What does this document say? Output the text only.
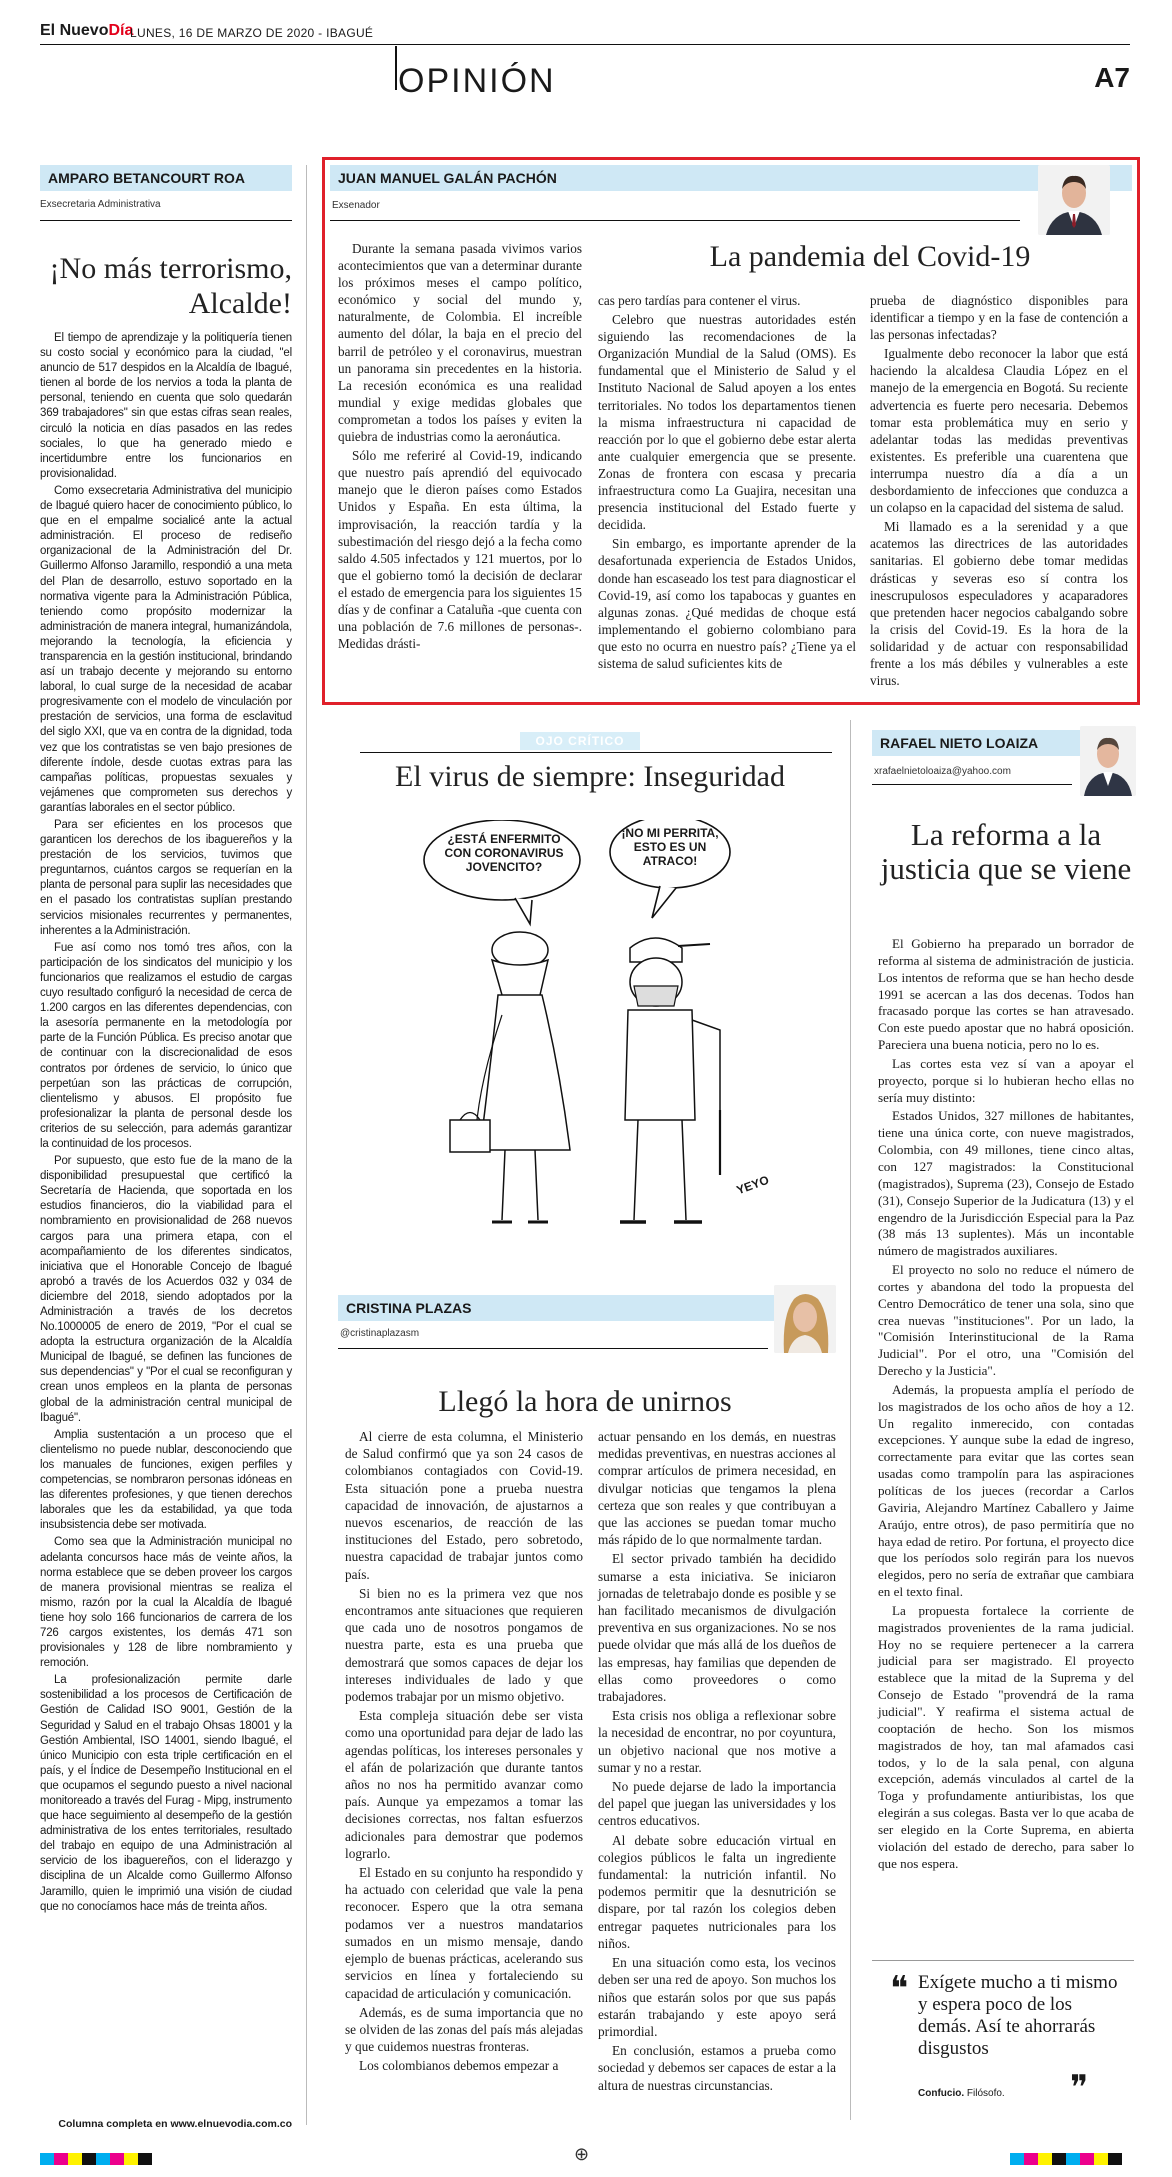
El NuevoDía
LUNES, 16 DE MARZO DE 2020 - IBAGUÉ
OPINIÓN	A7
AMPARO BETANCOURT ROA
Exsecretaria Administrativa
¡No más terrorismo, Alcalde!

El tiempo de aprendizaje y la politiquería tienen su costo social y económico para la ciudad, "el anuncio de 517 despidos en la Alcaldía de Ibagué, tienen al borde de los nervios a toda la planta de personal, teniendo en cuenta que solo quedarán 369 trabajadores" sin que estas cifras sean reales, circuló la noticia en días pasados en las redes sociales, lo que ha generado miedo e incertidumbre entre los funcionarios en provisionalidad.

Como exsecretaria Administrativa del municipio de Ibagué quiero hacer de conocimiento público, lo que en el empalme socialicé ante la actual administración. El proceso de rediseño organizacional de la Administración del Dr. Guillermo Alfonso Jaramillo, respondió a una meta del Plan de desarrollo, estuvo soportado en la normativa vigente para la Administración Pública, teniendo como propósito modernizar la administración de manera integral, humanizándola, mejorando la tecnología, la eficiencia y transparencia en la gestión institucional, brindando así un trabajo decente y mejorando su entorno laboral, lo cual surge de la necesidad de acabar progresivamente con el modelo de vinculación por prestación de servicios, una forma de esclavitud del siglo XXI, que va en contra de la dignidad, toda vez que los contratistas se ven bajo presiones de diferente índole, desde cuotas extras para las campañas políticas, propuestas sexuales y vejámenes que comprometen sus derechos y garantías laborales en el sector público.

Para ser eficientes en los procesos que garanticen los derechos de los ibaguereños y la prestación de los servicios, tuvimos que preguntarnos, cuántos cargos se requerían en la planta de personal para suplir las necesidades que en el pasado los contratistas suplían prestando servicios misionales recurrentes y permanentes, inherentes a la Administración.

Fue así como nos tomó tres años, con la participación de los sindicatos del municipio y los funcionarios que realizamos el estudio de cargas cuyo resultado configuró la necesidad de cerca de 1.200 cargos en las diferentes dependencias, con la asesoría permanente en la metodología por parte de la Función Pública. Es preciso anotar que de continuar con la discrecionalidad de esos contratos por órdenes de servicio, lo único que perpetúan son las prácticas de corrupción, clientelismo y abusos. El propósito fue profesionalizar la planta de personal desde los criterios de su selección, para además garantizar la continuidad de los procesos.

Por supuesto, que esto fue de la mano de la disponibilidad presupuestal que certificó la Secretaría de Hacienda, que soportada en los estudios financieros, dio la viabilidad para el nombramiento en provisionalidad de 268 nuevos cargos para una primera etapa, con el acompañamiento de los diferentes sindicatos, iniciativa que el Honorable Concejo de Ibagué aprobó a través de los Acuerdos 032 y 034 de diciembre del 2018, siendo adoptados por la Administración a través de los decretos No.1000005 de enero de 2019, "Por el cual se adopta la estructura organización de la Alcaldía Municipal de Ibagué, se definen las funciones de sus dependencias" y "Por el cual se reconfiguran y crean unos empleos en la planta de personas global de la administración central municipal de Ibagué".

Amplia sustentación a un proceso que el clientelismo no puede nublar, desconociendo que los manuales de funciones, exigen perfiles y competencias, se nombraron personas idóneas en las diferentes profesiones, y que tienen derechos laborales que les da estabilidad, ya que toda insubsistencia debe ser motivada.

Como sea que la Administración municipal no adelanta concursos hace más de veinte años, la norma establece que se deben proveer los cargos de manera provisional mientras se realiza el mismo, razón por la cual la Alcaldía de Ibagué tiene hoy solo 166 funcionarios de carrera de los 726 cargos existentes, los demás 471 son provisionales y 128 de libre nombramiento y remoción.

La profesionalización permite darle sostenibilidad a los procesos de Certificación de Gestión de Calidad ISO 9001, Gestión de la Seguridad y Salud en el trabajo Ohsas 18001 y la Gestión Ambiental, ISO 14001, siendo Ibagué, el único Municipio con esta triple certificación en el país, y el Índice de Desempeño Institucional en el que ocupamos el segundo puesto a nivel nacional monitoreado a través del Furag - Mipg, instrumento que hace seguimiento al desempeño de la gestión administrativa de los entes territoriales, resultado del trabajo en equipo de una Administración al servicio de los ibaguereños, con el liderazgo y disciplina de un Alcalde como Guillermo Alfonso Jaramillo, quien le imprimió una visión de ciudad que no conocíamos hace más de treinta años.

Columna completa en www.elnuevodia.com.co
JUAN MANUEL GALÁN PACHÓN
Exsenador
La pandemia del Covid-19

Durante la semana pasada vivimos varios acontecimientos que van a determinar durante los próximos meses el campo político, económico y social del mundo y, naturalmente, de Colombia. El increíble aumento del dólar, la baja en el precio del barril de petróleo y el coronavirus, muestran un panorama sin precedentes en la historia. La recesión económica es una realidad mundial y exige medidas globales que comprometan a todos los países y eviten la quiebra de industrias como la aeronáutica.

Sólo me referiré al Covid-19, indicando que nuestro país aprendió del equivocado manejo que le dieron países como Estados Unidos y España. En esta última, la improvisación, la reacción tardía y la subestimación del riesgo dejó a la fecha como saldo 4.505 infectados y 121 muertos, por lo que el gobierno tomó la decisión de declarar el estado de emergencia para los siguientes 15 días y de confinar a Cataluña -que cuenta con una población de 7.6 millones de personas-. Medidas drásti-

cas pero tardías para contener el virus.

Celebro que nuestras autoridades estén siguiendo las recomendaciones de la Organización Mundial de la Salud (OMS). Es fundamental que el Ministerio de Salud y el Instituto Nacional de Salud apoyen a los entes territoriales. No todos los departamentos tienen la misma infraestructura ni capacidad de reacción por lo que el gobierno debe estar alerta ante cualquier emergencia que se presente. Zonas de frontera con escasa y precaria infraestructura como La Guajira, necesitan una presencia institucional del Estado fuerte y decidida.

Sin embargo, es importante aprender de la desafortunada experiencia de Estados Unidos, donde han escaseado los test para diagnosticar el Covid-19, así como los tapabocas y guantes en algunas zonas. ¿Qué medidas de choque está implementando el gobierno colombiano para que esto no ocurra en nuestro país? ¿Tiene ya el sistema de salud suficientes kits de

prueba de diagnóstico disponibles para identificar a tiempo y en la fase de contención a las personas infectadas?

Igualmente debo reconocer la labor que está haciendo la alcaldesa Claudia López en el manejo de la emergencia en Bogotá. Su reciente advertencia es fuerte pero necesaria. Debemos tomar esta problemática muy en serio y adelantar todas las medidas preventivas existentes. Es preferible una cuarentena que interrumpa nuestro día a día a un desbordamiento de infecciones que conduzca a un colapso en la capacidad del sistema de salud.

Mi llamado es a la serenidad y a que acatemos las directrices de las autoridades sanitarias. El gobierno debe tomar medidas drásticas y severas eso sí contra los inescrupulosos especuladores y acaparadores que pretenden hacer negocios cabalgando sobre la crisis del Covid-19. Es la hora de la solidaridad y de actuar con responsabilidad frente a los más débiles y vulnerables a este virus.

OJO CRÍTICO
El virus de siempre: Inseguridad
¿ESTÁ ENFERMITO CON CORONAVIRUS JOVENCITO?
¡NO MI PERRITA, ESTO ES UN ATRACO!
YEYO
CRISTINA PLAZAS
@cristinaplazasm
Llegó la hora de unirnos

Al cierre de esta columna, el Ministerio de Salud confirmó que ya son 24 casos de colombianos contagiados con Covid-19. Esta situación pone a prueba nuestra capacidad de innovación, de ajustarnos a nuevos escenarios, de reacción de las instituciones del Estado, pero sobretodo, nuestra capacidad de trabajar juntos como país.

Si bien no es la primera vez que nos encontramos ante situaciones que requieren que cada uno de nosotros pongamos de nuestra parte, esta es una prueba que demostrará que somos capaces de dejar los intereses individuales de lado y que podemos trabajar por un mismo objetivo.

Esta compleja situación debe ser vista como una oportunidad para dejar de lado las agendas políticas, los intereses personales y el afán de polarización que durante tantos años no nos ha permitido avanzar como país. Aunque ya empezamos a tomar las decisiones correctas, nos faltan esfuerzos adicionales para demostrar que podemos lograrlo.

El Estado en su conjunto ha respondido y ha actuado con celeridad que vale la pena reconocer. Espero que la otra semana podamos ver a nuestros mandatarios sumados en un mismo mensaje, dando ejemplo de buenas prácticas, acelerando sus servicios en línea y fortaleciendo su capacidad de articulación y comunicación.

Además, es de suma importancia que no se olviden de las zonas del país más alejadas y que cuidemos nuestras fronteras.

Los colombianos debemos empezar a

actuar pensando en los demás, en nuestras medidas preventivas, en nuestras acciones al comprar artículos de primera necesidad, en divulgar noticias que tengamos la plena certeza que son reales y que contribuyan a que las acciones se puedan tomar mucho más rápido de lo que normalmente tardan.

El sector privado también ha decidido sumarse a esta iniciativa. Se iniciaron jornadas de teletrabajo donde es posible y se han facilitado mecanismos de divulgación preventiva en sus organizaciones. No se nos puede olvidar que más allá de los dueños de las empresas, hay familias que dependen de ellas como proveedores o como trabajadores.

Esta crisis nos obliga a reflexionar sobre la necesidad de encontrar, no por coyuntura, un objetivo nacional que nos motive a sumar y no a restar.

No puede dejarse de lado la importancia del papel que juegan las universidades y los centros educativos.

Al debate sobre educación virtual en colegios públicos le falta un ingrediente fundamental: la nutrición infantil. No podemos permitir que la desnutrición se dispare, por tal razón los colegios deben entregar paquetes nutricionales para los niños.

En una situación como esta, los vecinos deben ser una red de apoyo. Son muchos los niños que estarán solos por que sus papás estarán trabajando y este apoyo será primordial.

En conclusión, estamos a prueba como sociedad y debemos ser capaces de estar a la altura de nuestras circunstancias.

RAFAEL NIETO LOAIZA
xrafaelnietoloaiza@yahoo.com
La reforma a la justicia que se viene

El Gobierno ha preparado un borrador de reforma al sistema de administración de justicia. Los intentos de reforma que se han hecho desde 1991 se acercan a las dos decenas. Todos han fracasado porque las cortes se han atravesado. Con este puedo apostar que no habrá oposición. Pareciera una buena noticia, pero no lo es.

Las cortes esta vez sí van a apoyar el proyecto, porque si lo hubieran hecho ellas no sería muy distinto:

Estados Unidos, 327 millones de habitantes, tiene una única corte, con nueve magistrados, Colombia, con 49 millones, tiene cinco altas, con 127 magistrados: la Constitucional (magistrados), Suprema (23), Consejo de Estado (31), Consejo Superior de la Judicatura (13) y el engendro de la Jurisdicción Especial para la Paz (38 más 13 suplentes). Más un incontable número de magistrados auxiliares.

El proyecto no solo no reduce el número de cortes y abandona del todo la propuesta del Centro Democrático de tener una sola, sino que crea nuevas "instituciones". Por un lado, la "Comisión Interinstitucional de la Rama Judicial". Por el otro, una "Comisión del Derecho y la Justicia".

Además, la propuesta amplía el período de los magistrados de los ocho años de hoy a 12. Un regalito inmerecido, con contadas excepciones. Y aunque sube la edad de ingreso, correctamente para evitar que las cortes sean usadas como trampolín para las aspiraciones políticas de los jueces (recordar a Carlos Gaviria, Alejandro Martínez Caballero y Jaime Araújo, entre otros), de paso permitiría que no haya edad de retiro. Por fortuna, el proyecto dice que los períodos solo regirán para los nuevos elegidos, pero no sería de extrañar que cambiara en el texto final.

La propuesta fortalece la corriente de magistrados provenientes de la rama judicial. Hoy no se requiere pertenecer a la carrera judicial para ser magistrado. El proyecto establece que la mitad de la Suprema y del Consejo de Estado "provendrá de la rama judicial". Y reafirma el sistema actual de cooptación de hecho. Son los mismos magistrados de hoy, tan mal afamados casi todos, y lo de la sala penal, con alguna excepción, además vinculados al cartel de la Toga y profundamente antiuribistas, los que elegirán a sus colegas. Basta ver lo que acaba de ser elegido en la Corte Suprema, en abierta violación del estado de derecho, para saber lo que nos espera.

❝ Exígete mucho a ti mismo y espera poco de los demás. Así te ahorrarás disgustos
Confucio. Filósofo. ❞
⊕
